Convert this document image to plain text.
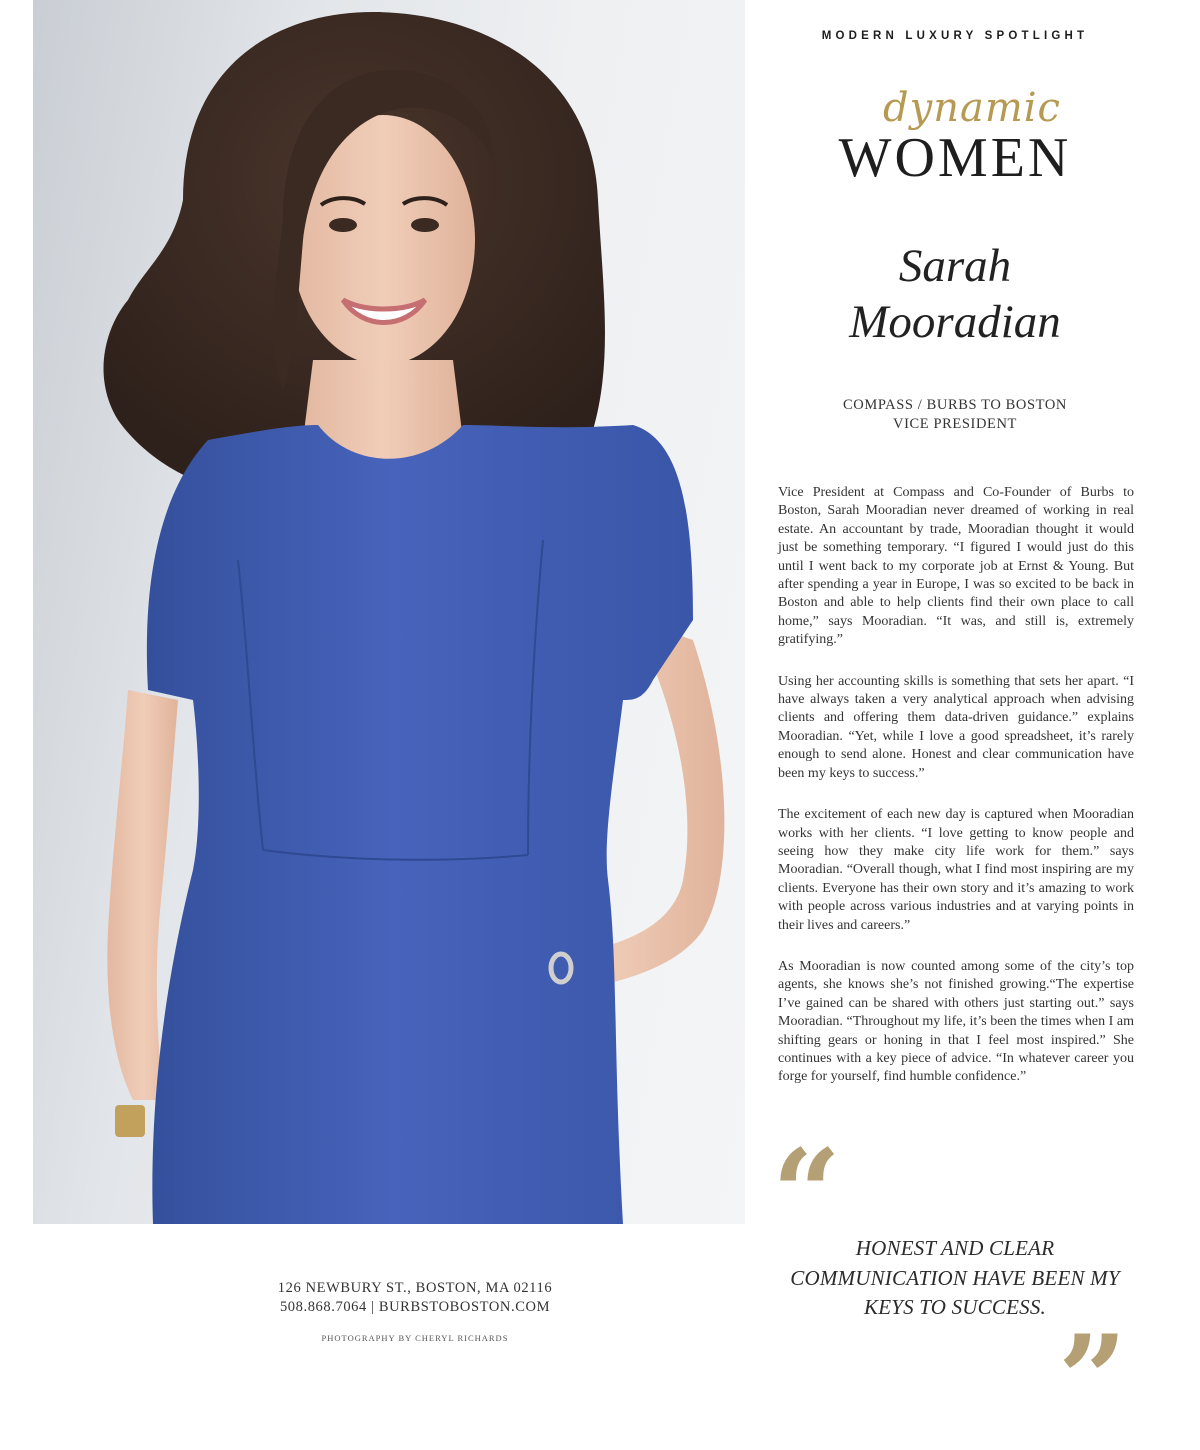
MODERN LUXURY SPOTLIGHT
WOMEN
dynamic
Sarah
Mooradian
COMPASS / BURBS TO BOSTON
VICE PRESIDENT

Vice President at Compass and Co-Founder of Burbs to Boston, Sarah Mooradian never dreamed of working in real estate. An accountant by trade, Mooradian thought it would just be something temporary. “I figured I would just do this until I went back to my corporate job at Ernst & Young. But after spending a year in Europe, I was so excited to be back in Boston and able to help clients find their own place to call home,” says Mooradian. “It was, and still is, extremely gratifying.”

Using her accounting skills is something that sets her apart. “I have always taken a very analytical approach when advising clients and offering them data-driven guidance.” explains Mooradian. “Yet, while I love a good spreadsheet, it’s rarely enough to send alone. Honest and clear communication have been my keys to success.”

The excitement of each new day is captured when Mooradian works with her clients. “I love getting to know people and seeing how they make city life work for them.” says Mooradian. “Overall though, what I find most inspiring are my clients. Everyone has their own story and it’s amazing to work with people across various industries and at varying points in their lives and careers.”

As Mooradian is now counted among some of the city’s top agents, she knows she’s not finished growing.“The expertise I’ve gained can be shared with others just starting out.” says Mooradian. “Throughout my life, it’s been the times when I am shifting gears or honing in that I feel most inspired.” She continues with a key piece of advice. “In whatever career you forge for yourself, find humble confidence.”

“ HONEST AND CLEAR COMMUNICATION HAVE BEEN MY KEYS TO SUCCESS.
”
126 NEWBURY ST., BOSTON, MA 02116
508.868.7064 | BURBSTOBOSTON.COM
PHOTOGRAPHY BY CHERYL RICHARDS
